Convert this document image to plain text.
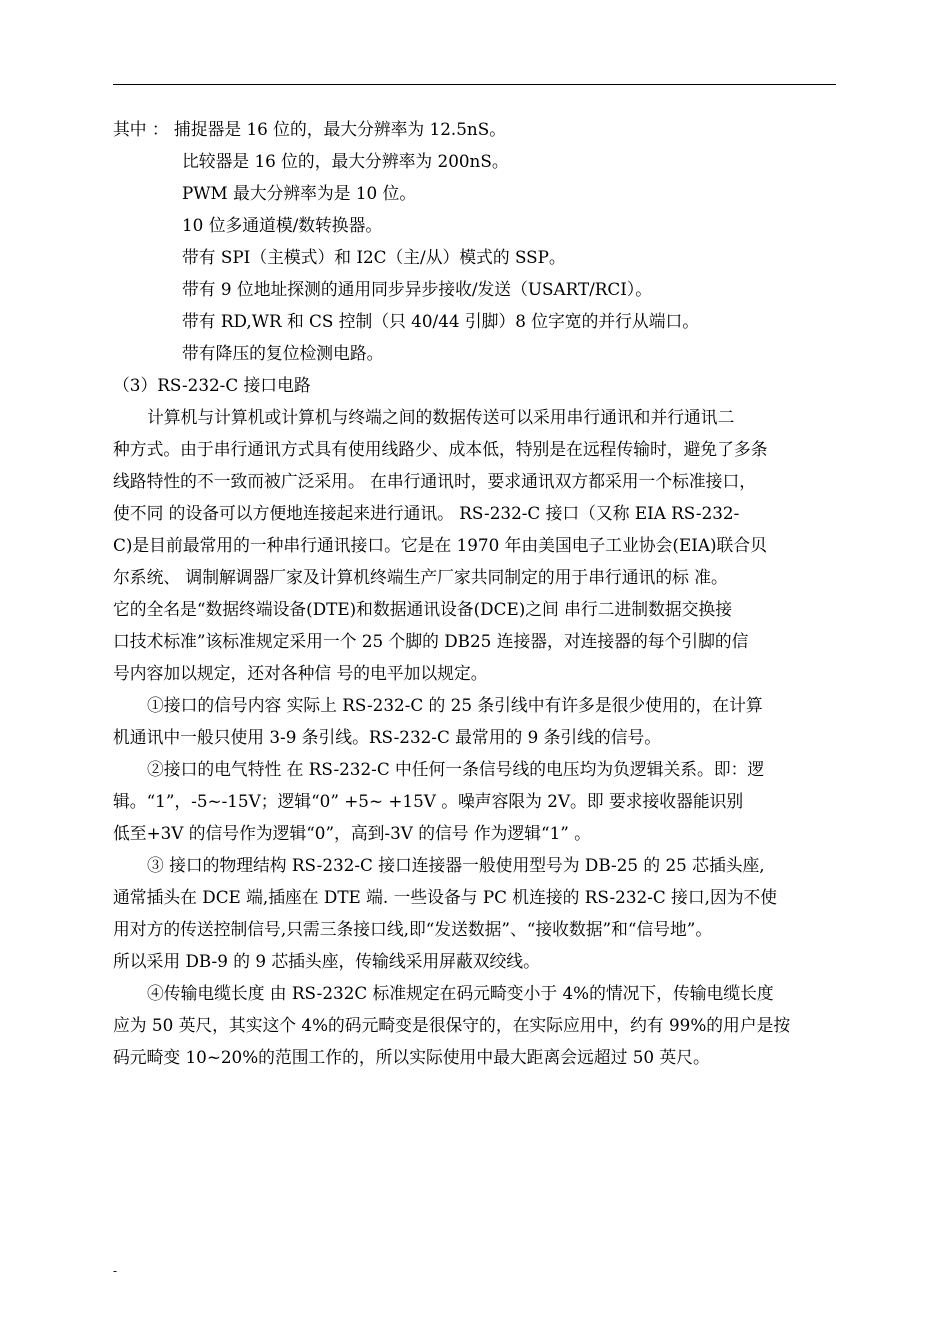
其中 ： 捕捉器是 16 位的，最大分辨率为 12.5nS。
比较器是 16 位的，最大分辨率为 200nS。
PWM 最大分辨率为是 10 位。
10 位多通道模/数转换器。
带有 SPI（主模式）和 I2C（主/从）模式的 SSP。
带有 9 位地址探测的通用同步异步接收/发送（USART/RCI）。
带有 RD,WR 和 CS 控制（只 40/44 引脚）8 位字宽的并行从端口。
带有降压的复位检测电路。
（3）RS-232-C 接口电路
计算机与计算机或计算机与终端之间的数据传送可以采用串行通讯和并行通讯二
种方式。由于串行通讯方式具有使用线路少、成本低，特别是在远程传输时，避免了多条
线路特性的不一致而被广泛采用。 在串行通讯时，要求通讯双方都采用一个标准接口，
使不同 的设备可以方便地连接起来进行通讯。 RS-232-C 接口（又称 EIA RS-232-
C)是目前最常用的一种串行通讯接口。它是在 1970 年由美国电子工业协会(EIA)联合贝
尔系统、 调制解调器厂家及计算机终端生产厂家共同制定的用于串行通讯的标 准。
它的全名是“数据终端设备(DTE)和数据通讯设备(DCE)之间 串行二进制数据交换接
口技术标准”该标准规定采用一个 25 个脚的 DB25 连接器，对连接器的每个引脚的信
号内容加以规定，还对各种信 号的电平加以规定。
①接口的信号内容 实际上 RS-232-C 的 25 条引线中有许多是很少使用的，在计算
机通讯中一般只使用 3-9 条引线。RS-232-C 最常用的 9 条引线的信号。
②接口的电气特性 在 RS-232-C 中任何一条信号线的电压均为负逻辑关系。即：逻
辑。“1”，-5~-15V；逻辑“0” +5~ +15V 。噪声容限为 2V。即 要求接收器能识别
低至+3V 的信号作为逻辑“0”，高到-3V 的信号 作为逻辑“1” 。
③ 接口的物理结构 RS-232-C 接口连接器一般使用型号为 DB-25 的 25 芯插头座,
通常插头在 DCE 端,插座在 DTE 端. 一些设备与 PC 机连接的 RS-232-C 接口,因为不使
用对方的传送控制信号,只需三条接口线,即“发送数据”、“接收数据”和“信号地”。
所以采用 DB-9 的 9 芯插头座，传输线采用屏蔽双绞线。
④传输电缆长度 由 RS-232C 标准规定在码元畸变小于 4%的情况下，传输电缆长度
应为 50 英尺，其实这个 4%的码元畸变是很保守的，在实际应用中，约有 99%的用户是按
码元畸变 10~20%的范围工作的，所以实际使用中最大距离会远超过 50 英尺。
-
